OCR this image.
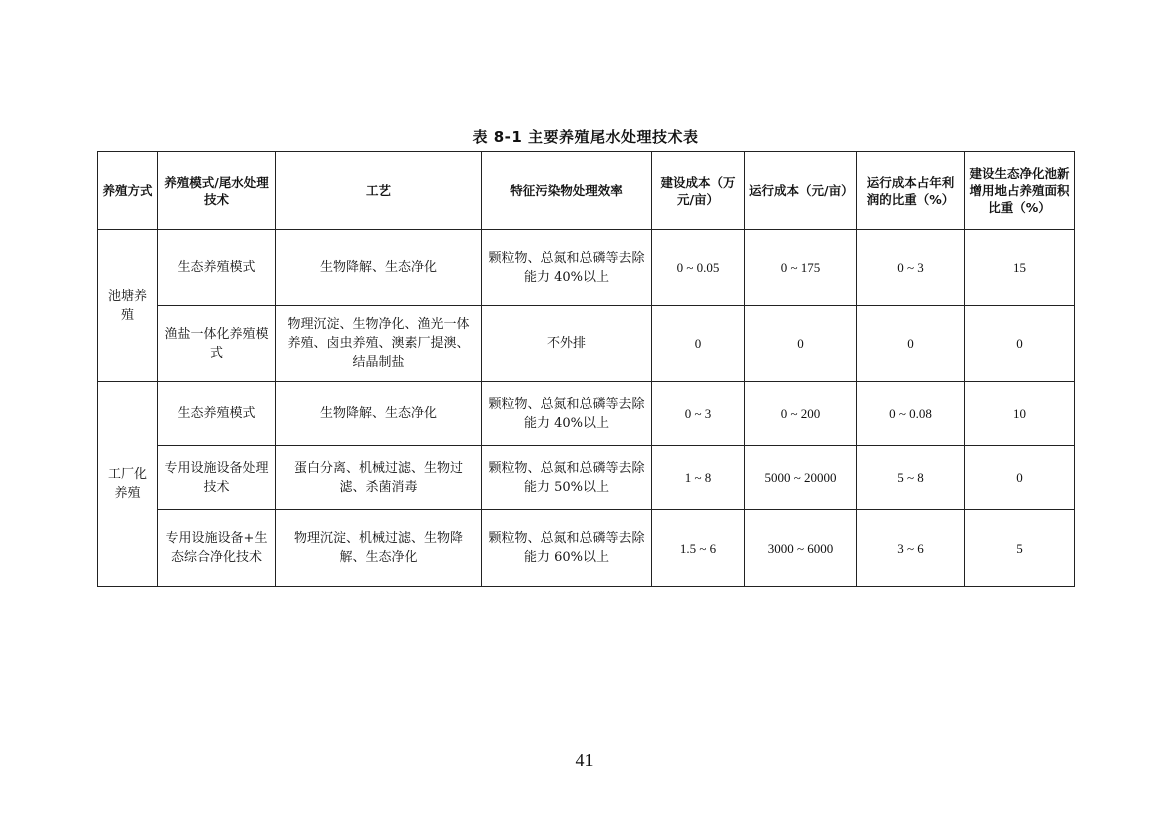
表 8-1 主要养殖尾水处理技术表
养殖方式	养殖模式/尾水处理技术	工艺	特征污染物处理效率	建设成本（万元/亩）	运行成本（元/亩）	运行成本占年利润的比重（%）	建设生态净化池新增用地占养殖面积比重（%）
池塘养殖	生态养殖模式	生物降解、生态净化	颗粒物、总氮和总磷等去除能力 40%以上	0 ~ 0.05	0 ~ 175	0 ~ 3	15
	渔盐一体化养殖模式	物理沉淀、生物净化、渔光一体养殖、卤虫养殖、澳素厂提澳、结晶制盐	不外排	0	0	0	0
工厂化养殖	生态养殖模式	生物降解、生态净化	颗粒物、总氮和总磷等去除能力 40%以上	0 ~ 3	0 ~ 200	0 ~ 0.08	10
	专用设施设备处理技术	蛋白分离、机械过滤、生物过滤、杀菌消毒	颗粒物、总氮和总磷等去除能力 50%以上	1 ~ 8	5000 ~ 20000	5 ~ 8	0
	专用设施设备+生态综合净化技术	物理沉淀、机械过滤、生物降解、生态净化	颗粒物、总氮和总磷等去除能力 60%以上	1.5 ~ 6	3000 ~ 6000	3 ~ 6	5
41
